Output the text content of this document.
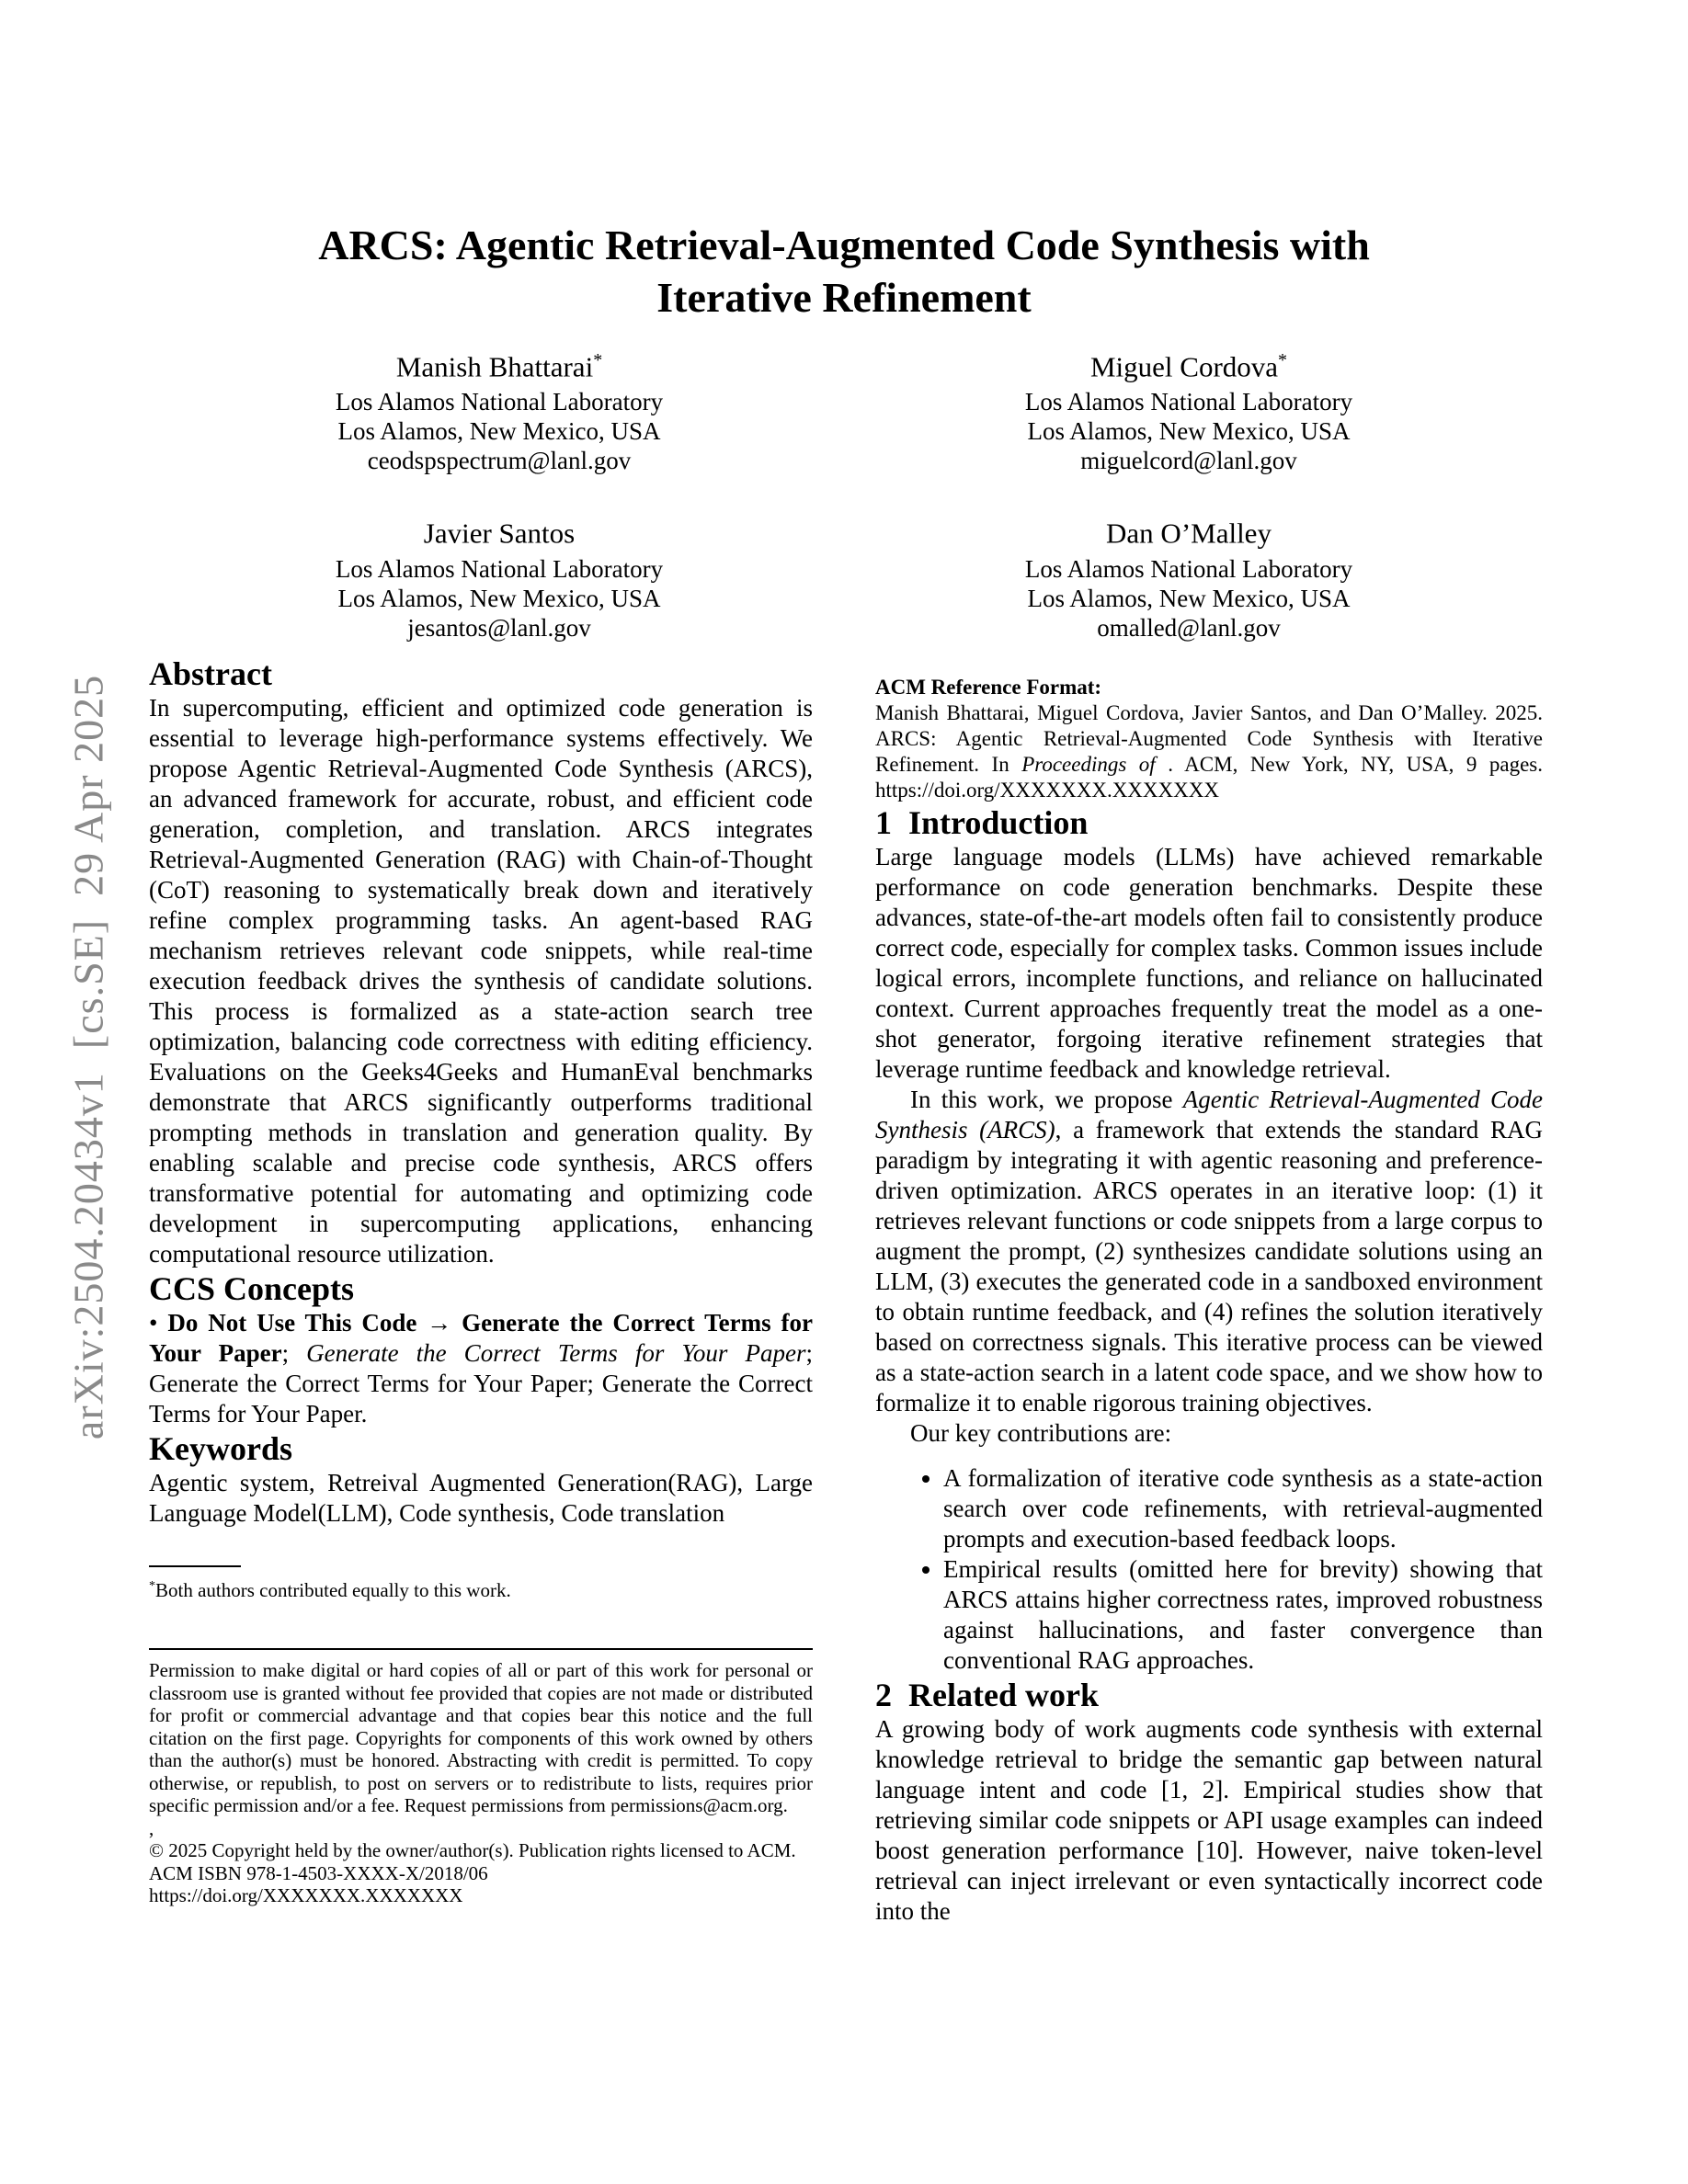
arXiv:2504.20434v1  [cs.SE]  29 Apr 2025
ARCS: Agentic Retrieval-Augmented Code Synthesis with
Iterative Refinement

Manish Bhattarai*

Los Alamos National Laboratory

Los Alamos, New Mexico, USA

ceodspspectrum@lanl.gov

Miguel Cordova*

Los Alamos National Laboratory

Los Alamos, New Mexico, USA

miguelcord@lanl.gov

Javier Santos

Los Alamos National Laboratory

Los Alamos, New Mexico, USA

jesantos@lanl.gov

Dan O’Malley

Los Alamos National Laboratory

Los Alamos, New Mexico, USA

omalled@lanl.gov

Abstract

In supercomputing, efficient and optimized code generation is essential to leverage high-performance systems effectively. We propose Agentic Retrieval-Augmented Code Synthesis (ARCS), an advanced framework for accurate, robust, and efficient code generation, completion, and translation. ARCS integrates Retrieval-Augmented Generation (RAG) with Chain-of-Thought (CoT) reasoning to systematically break down and iteratively refine complex programming tasks. An agent-based RAG mechanism retrieves relevant code snippets, while real-time execution feedback drives the synthesis of candidate solutions. This process is formalized as a state-action search tree optimization, balancing code correctness with editing efficiency. Evaluations on the Geeks4Geeks and HumanEval benchmarks demonstrate that ARCS significantly outperforms traditional prompting methods in translation and generation quality. By enabling scalable and precise code synthesis, ARCS offers transformative potential for automating and optimizing code development in supercomputing applications, enhancing computational resource utilization.

CCS Concepts

• Do Not Use This Code → Generate the Correct Terms for Your Paper; Generate the Correct Terms for Your Paper; Generate the Correct Terms for Your Paper; Generate the Correct Terms for Your Paper.

Keywords

Agentic system, Retreival Augmented Generation(RAG), Large Language Model(LLM), Code synthesis, Code translation

*Both authors contributed equally to this work.

Permission to make digital or hard copies of all or part of this work for personal or classroom use is granted without fee provided that copies are not made or distributed for profit or commercial advantage and that copies bear this notice and the full citation on the first page. Copyrights for components of this work owned by others than the author(s) must be honored. Abstracting with credit is permitted. To copy otherwise, or republish, to post on servers or to redistribute to lists, requires prior specific permission and/or a fee. Request permissions from permissions@acm.org.

,

© 2025 Copyright held by the owner/author(s). Publication rights licensed to ACM.

ACM ISBN 978-1-4503-XXXX-X/2018/06

https://doi.org/XXXXXXX.XXXXXXX

ACM Reference Format:

Manish Bhattarai, Miguel Cordova, Javier Santos, and Dan O’Malley. 2025. ARCS: Agentic Retrieval-Augmented Code Synthesis with Iterative Refinement. In Proceedings of . ACM, New York, NY, USA, 9 pages. https://doi.org/XXXXXXX.XXXXXXX

1 Introduction

Large language models (LLMs) have achieved remarkable performance on code generation benchmarks. Despite these advances, state-of-the-art models often fail to consistently produce correct code, especially for complex tasks. Common issues include logical errors, incomplete functions, and reliance on hallucinated context. Current approaches frequently treat the model as a one-shot generator, forgoing iterative refinement strategies that leverage runtime feedback and knowledge retrieval.

In this work, we propose Agentic Retrieval-Augmented Code Synthesis (ARCS), a framework that extends the standard RAG paradigm by integrating it with agentic reasoning and preference-driven optimization. ARCS operates in an iterative loop: (1) it retrieves relevant functions or code snippets from a large corpus to augment the prompt, (2) synthesizes candidate solutions using an LLM, (3) executes the generated code in a sandboxed environment to obtain runtime feedback, and (4) refines the solution iteratively based on correctness signals. This iterative process can be viewed as a state-action search in a latent code space, and we show how to formalize it to enable rigorous training objectives.

Our key contributions are:

• A formalization of iterative code synthesis as a state-action search over code refinements, with retrieval-augmented prompts and execution-based feedback loops.
• Empirical results (omitted here for brevity) showing that ARCS attains higher correctness rates, improved robustness against hallucinations, and faster convergence than conventional RAG approaches.
2 Related work

A growing body of work augments code synthesis with external knowledge retrieval to bridge the semantic gap between natural language intent and code [1, 2]. Empirical studies show that retrieving similar code snippets or API usage examples can indeed boost generation performance [10]. However, naive token-level retrieval can inject irrelevant or even syntactically incorrect code into the
